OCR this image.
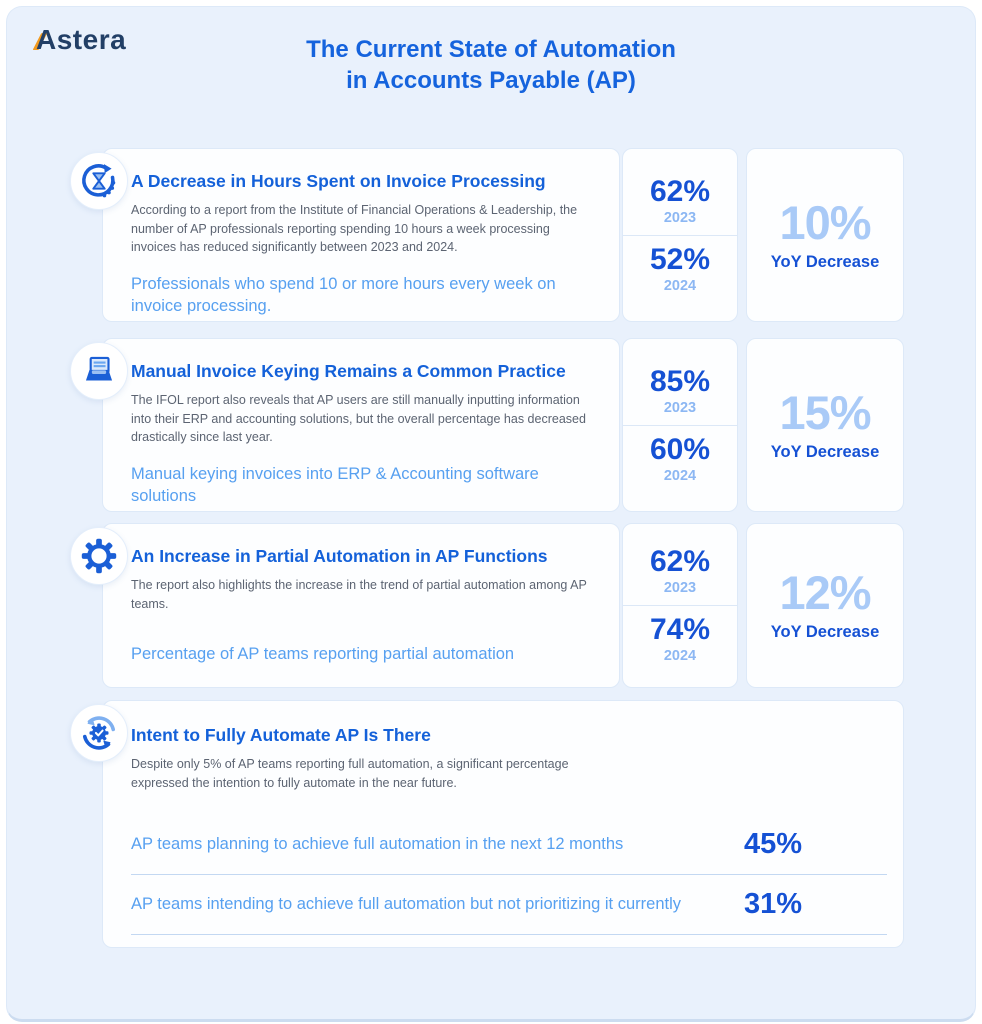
Astera	The Current State of Automation
in Accounts Payable (AP)
A Decrease in Hours Spent on Invoice Processing
According to a report from the Institute of Financial Operations & Leadership, the number of AP professionals reporting spending 10 hours a week processing invoices has reduced significantly between 2023 and 2024.
Professionals who spend 10 or more hours every week on invoice processing.
62%
2023
52%
2024
10%
YoY Decrease
Manual Invoice Keying Remains a Common Practice
The IFOL report also reveals that AP users are still manually inputting information into their ERP and accounting solutions, but the overall percentage has decreased drastically since last year.
Manual keying invoices into ERP & Accounting software solutions
85%
2023
60%
2024
15%
YoY Decrease
An Increase in Partial Automation in AP Functions
The report also highlights the increase in the trend of partial automation among AP teams.
Percentage of AP teams reporting partial automation
62%
2023
74%
2024
12%
YoY Decrease
Intent to Fully Automate AP Is There
Despite only 5% of AP teams reporting full automation, a significant percentage expressed the intention to fully automate in the near future.
AP teams planning to achieve full automation in the next 12 months	45%
AP teams intending to achieve full automation but not prioritizing it currently	31%
